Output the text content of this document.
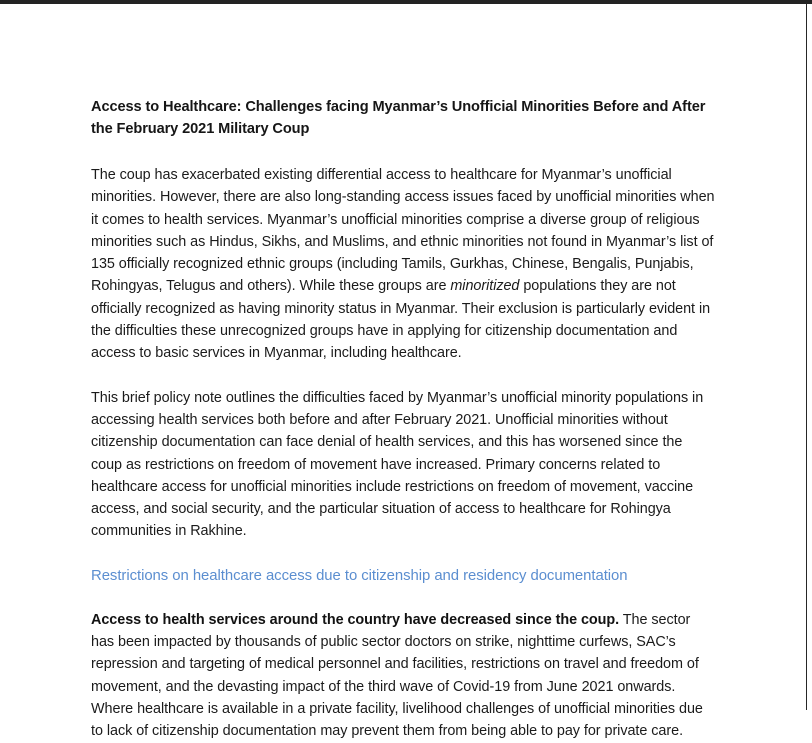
Access to Healthcare: Challenges facing Myanmar’s Unofficial Minorities Before and After the February 2021 Military Coup

The coup has exacerbated existing differential access to healthcare for Myanmar’s unofficial minorities. However, there are also long-standing access issues faced by unofficial minorities when it comes to health services. Myanmar’s unofficial minorities comprise a diverse group of religious minorities such as Hindus, Sikhs, and Muslims, and ethnic minorities not found in Myanmar’s list of 135 officially recognized ethnic groups (including Tamils, Gurkhas, Chinese, Bengalis, Punjabis, Rohingyas, Telugus and others). While these groups are minoritized populations they are not officially recognized as having minority status in Myanmar. Their exclusion is particularly evident in the difficulties these unrecognized groups have in applying for citizenship documentation and access to basic services in Myanmar, including healthcare.

This brief policy note outlines the difficulties faced by Myanmar’s unofficial minority populations in accessing health services both before and after February 2021. Unofficial minorities without citizenship documentation can face denial of health services, and this has worsened since the coup as restrictions on freedom of movement have increased. Primary concerns related to healthcare access for unofficial minorities include restrictions on freedom of movement, vaccine access, and social security, and the particular situation of access to healthcare for Rohingya communities in Rakhine.

Restrictions on healthcare access due to citizenship and residency documentation

Access to health services around the country have decreased since the coup. The sector has been impacted by thousands of public sector doctors on strike, nighttime curfews, SAC’s repression and targeting of medical personnel and facilities, restrictions on travel and freedom of movement, and the devasting impact of the third wave of Covid-19 from June 2021 onwards. Where healthcare is available in a private facility, livelihood challenges of unofficial minorities due to lack of citizenship documentation may prevent them from being able to pay for private care.
